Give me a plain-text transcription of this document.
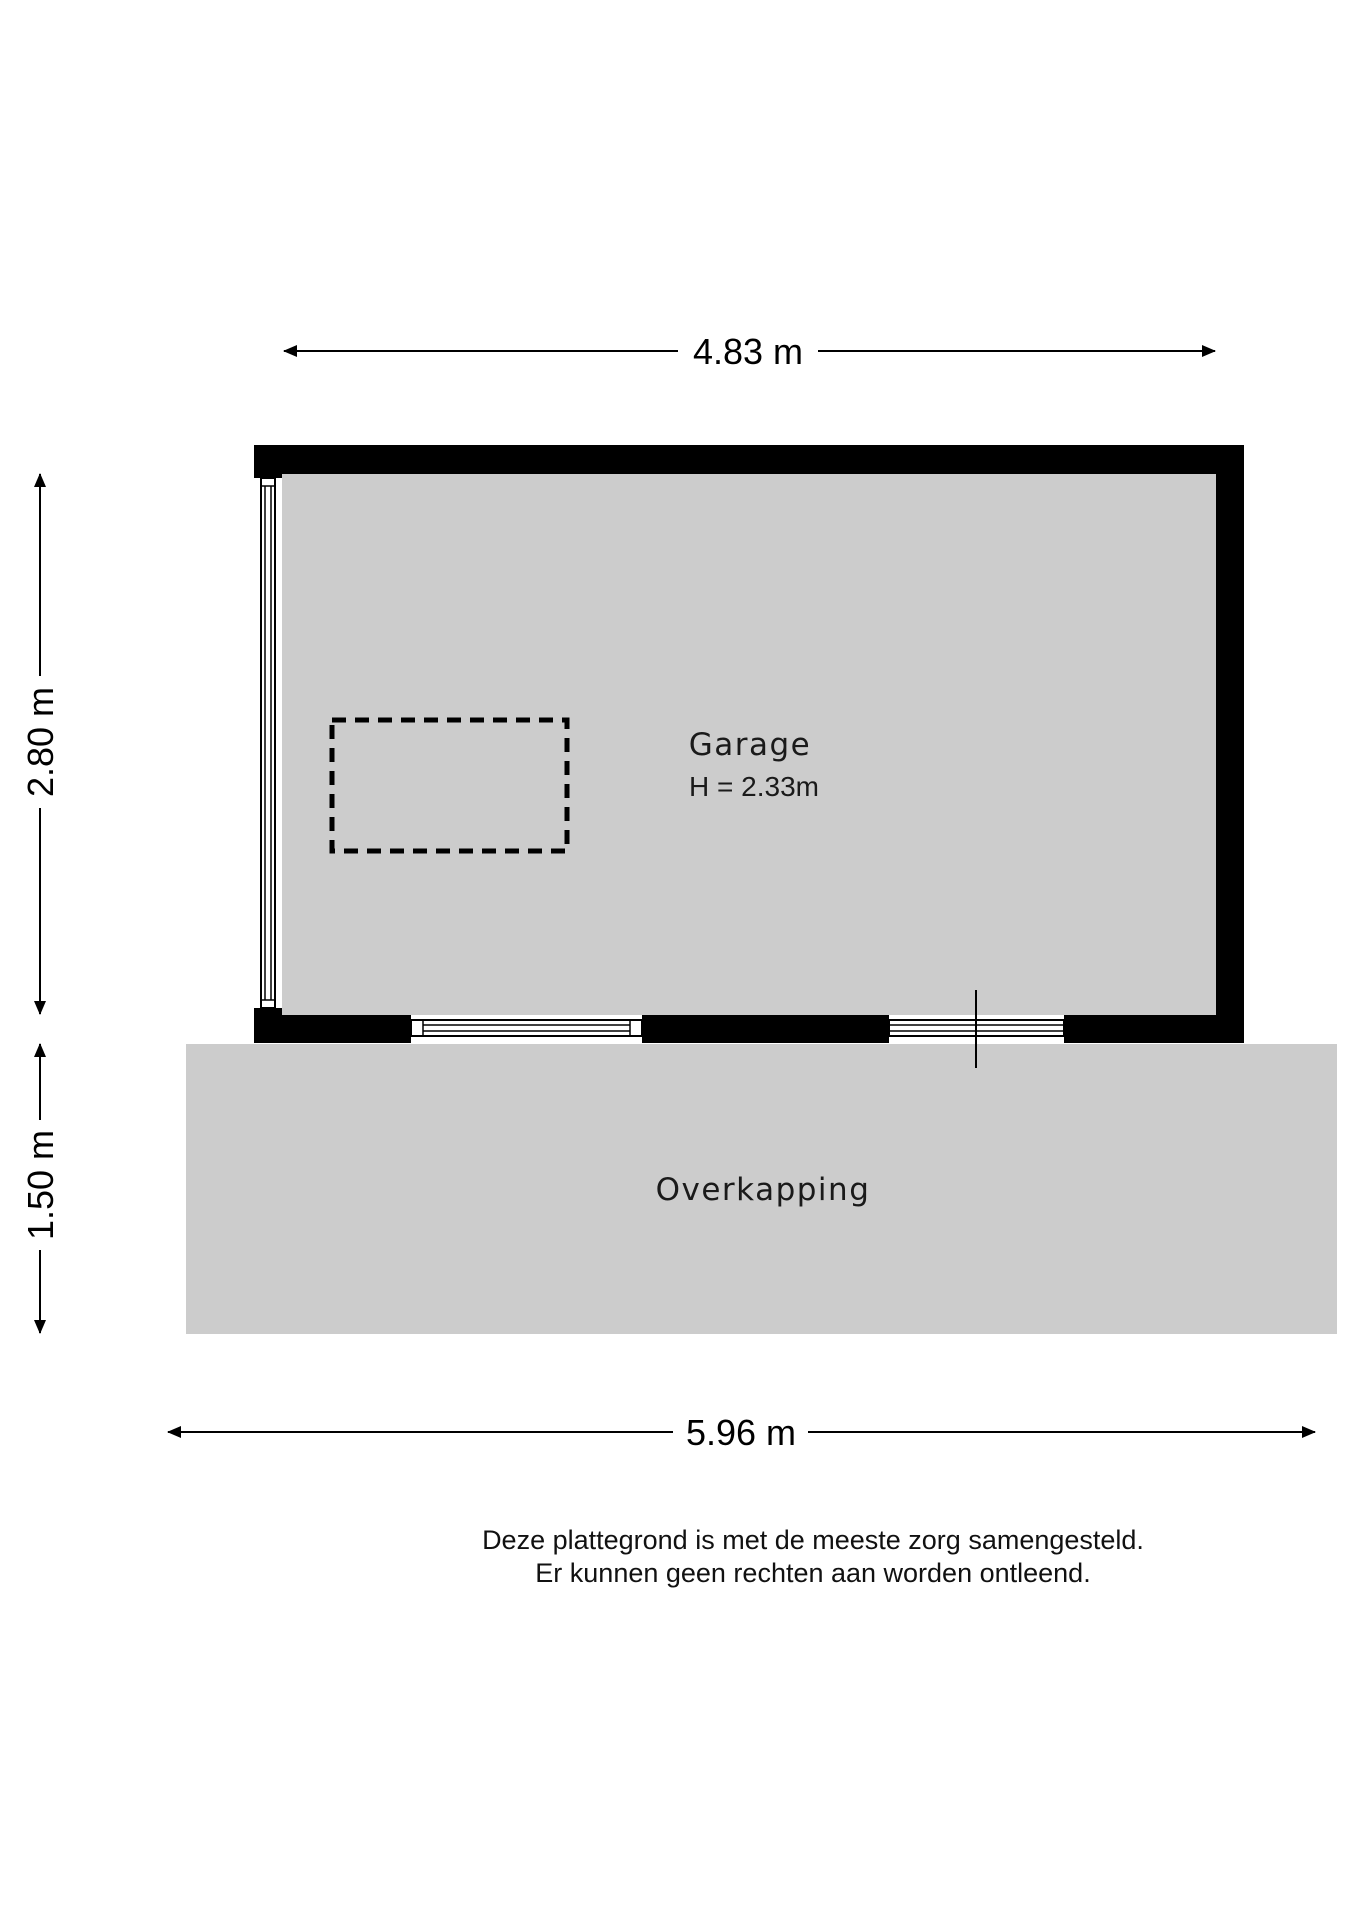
Garage
H = 2.33m
Overkapping
4.83 m
5.96 m
2.80 m
1.50 m
Deze plattegrond is met de meeste zorg samengesteld.
Er kunnen geen rechten aan worden ontleend.
